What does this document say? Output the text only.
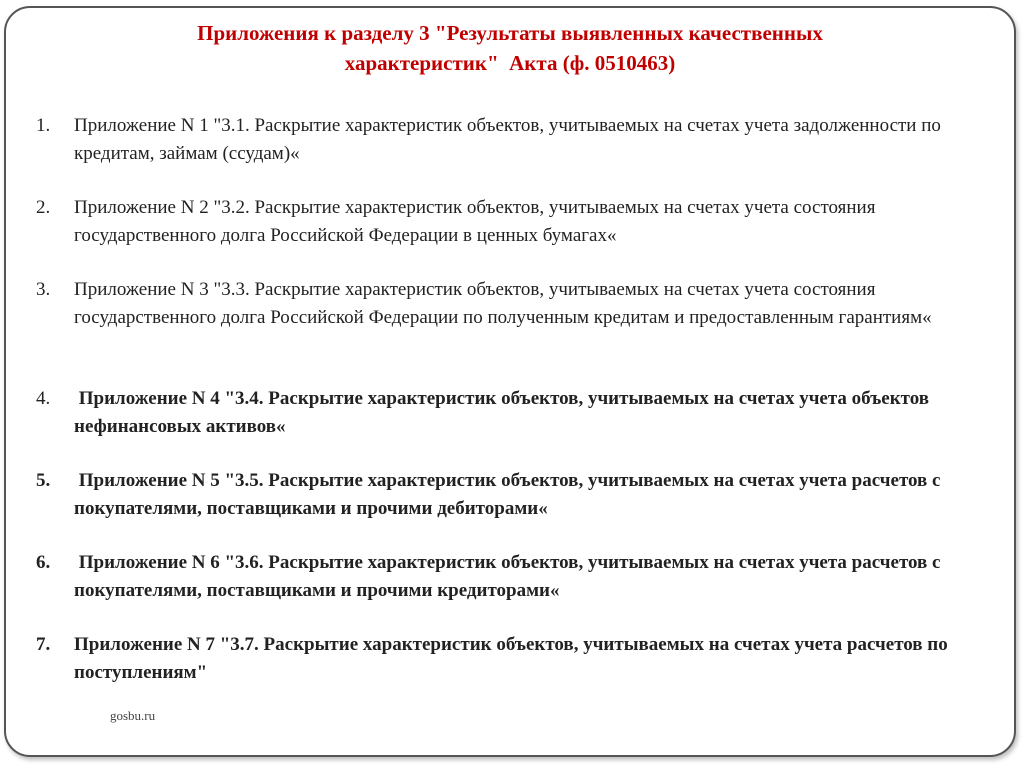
Приложения к разделу 3 "Результаты выявленных качественных
характеристик"  Акта (ф. 0510463)
1. Приложение N 1 "3.1. Раскрытие характеристик объектов, учитываемых на счетах учета задолженности по кредитам, займам (ссудам)«
2. Приложение N 2 "3.2. Раскрытие характеристик объектов, учитываемых на счетах учета состояния государственного долга Российской Федерации в ценных бумагах«
3. Приложение N 3 "3.3. Раскрытие характеристик объектов, учитываемых на счетах учета состояния государственного долга Российской Федерации по полученным кредитам и предоставленным гарантиям«
4. Приложение N 4 "3.4. Раскрытие характеристик объектов, учитываемых на счетах учета объектов нефинансовых активов«
5. Приложение N 5 "3.5. Раскрытие характеристик объектов, учитываемых на счетах учета расчетов с покупателями, поставщиками и прочими дебиторами«
6. Приложение N 6 "3.6. Раскрытие характеристик объектов, учитываемых на счетах учета расчетов с покупателями, поставщиками и прочими кредиторами«
7. Приложение N 7 "3.7. Раскрытие характеристик объектов, учитываемых на счетах учета расчетов по поступлениям"
gosbu.ru
